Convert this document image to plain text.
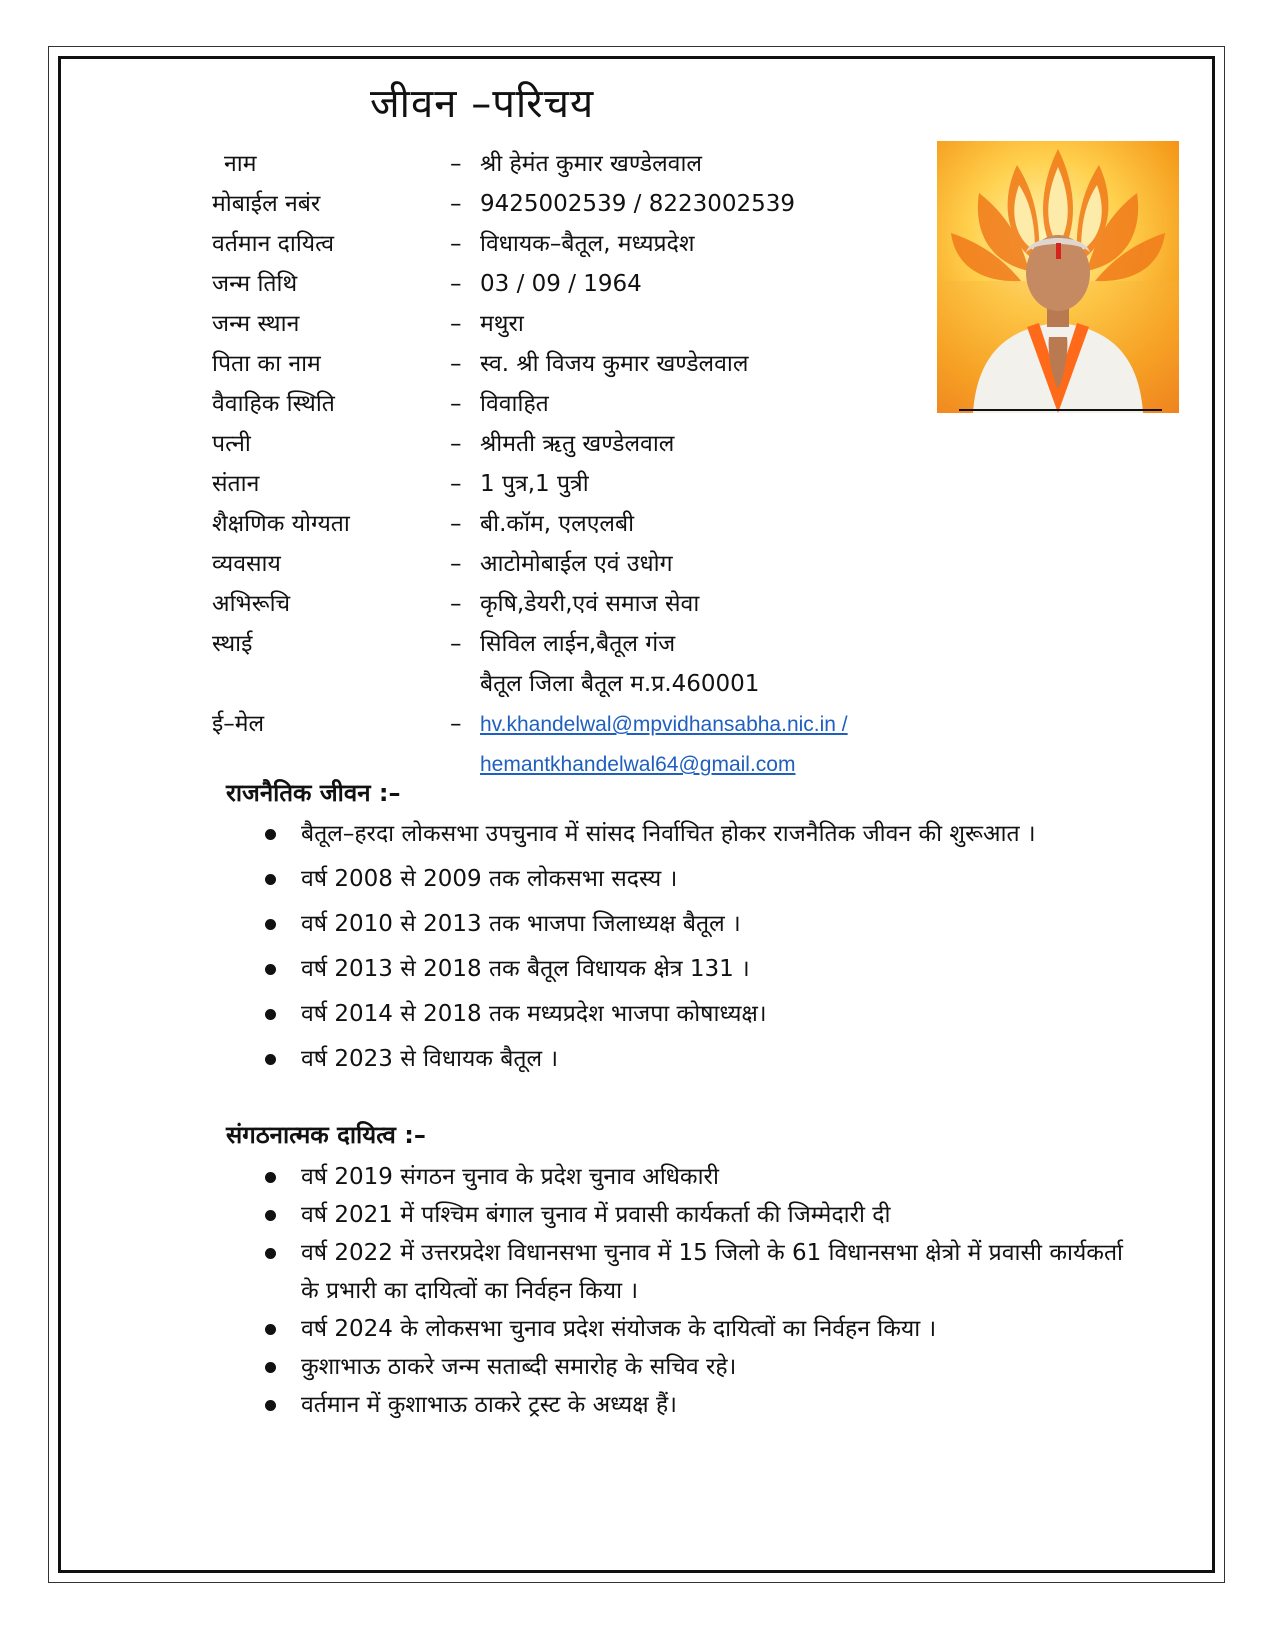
जीवन –परिचय
नाम	– श्री हेमंत कुमार खण्डेलवाल
मोबाईल नबंर	– 9425002539 / 8223002539
वर्तमान दायित्व	– विधायक–बैतूल, मध्यप्रदेश
जन्म तिथि	– 03 / 09 / 1964
जन्म स्थान	– मथुरा
पिता का नाम	– स्व. श्री विजय कुमार खण्डेलवाल
वैवाहिक स्थिति	– विवाहित
पत्नी	– श्रीमती ऋतु खण्डेलवाल
संतान	– 1 पुत्र,1 पुत्री
शैक्षणिक योग्यता	– बी.कॉम, एलएलबी
व्यवसाय	– आटोमोबाईल एवं उधोग
अभिरूचि	– कृषि,डेयरी,एवं समाज सेवा
स्थाई	– सिविल लाईन,बैतूल गंज
बैतूल जिला बैतूल म.प्र.460001
ई–मेल	– hv.khandelwal@mpvidhansabha.nic.in /
hemantkhandelwal64@gmail.com
राजनैतिक जीवन :–
बैतूल–हरदा लोकसभा उपचुनाव में सांसद निर्वाचित होकर राजनैतिक जीवन की शुरूआत ।
वर्ष 2008 से 2009 तक लोकसभा सदस्य ।
वर्ष 2010 से 2013 तक भाजपा जिलाध्यक्ष बैतूल ।
वर्ष 2013 से 2018 तक बैतूल विधायक क्षेत्र 131 ।
वर्ष 2014 से 2018 तक मध्यप्रदेश भाजपा कोषाध्यक्ष।
वर्ष 2023 से विधायक बैतूल ।
संगठनात्मक दायित्व :–
वर्ष 2019 संगठन चुनाव के प्रदेश चुनाव अधिकारी
वर्ष 2021 में पश्चिम बंगाल चुनाव में प्रवासी कार्यकर्ता की जिम्मेदारी दी
वर्ष 2022 में उत्तरप्रदेश विधानसभा चुनाव में 15 जिलो के 61 विधानसभा क्षेत्रो में प्रवासी कार्यकर्ता के प्रभारी का दायित्वों का निर्वहन किया ।
वर्ष 2024 के लोकसभा चुनाव प्रदेश संयोजक के दायित्वों का निर्वहन किया ।
कुशाभाऊ ठाकरे जन्म सताब्दी समारोह के सचिव रहे।
वर्तमान में कुशाभाऊ ठाकरे ट्रस्ट के अध्यक्ष हैं।
